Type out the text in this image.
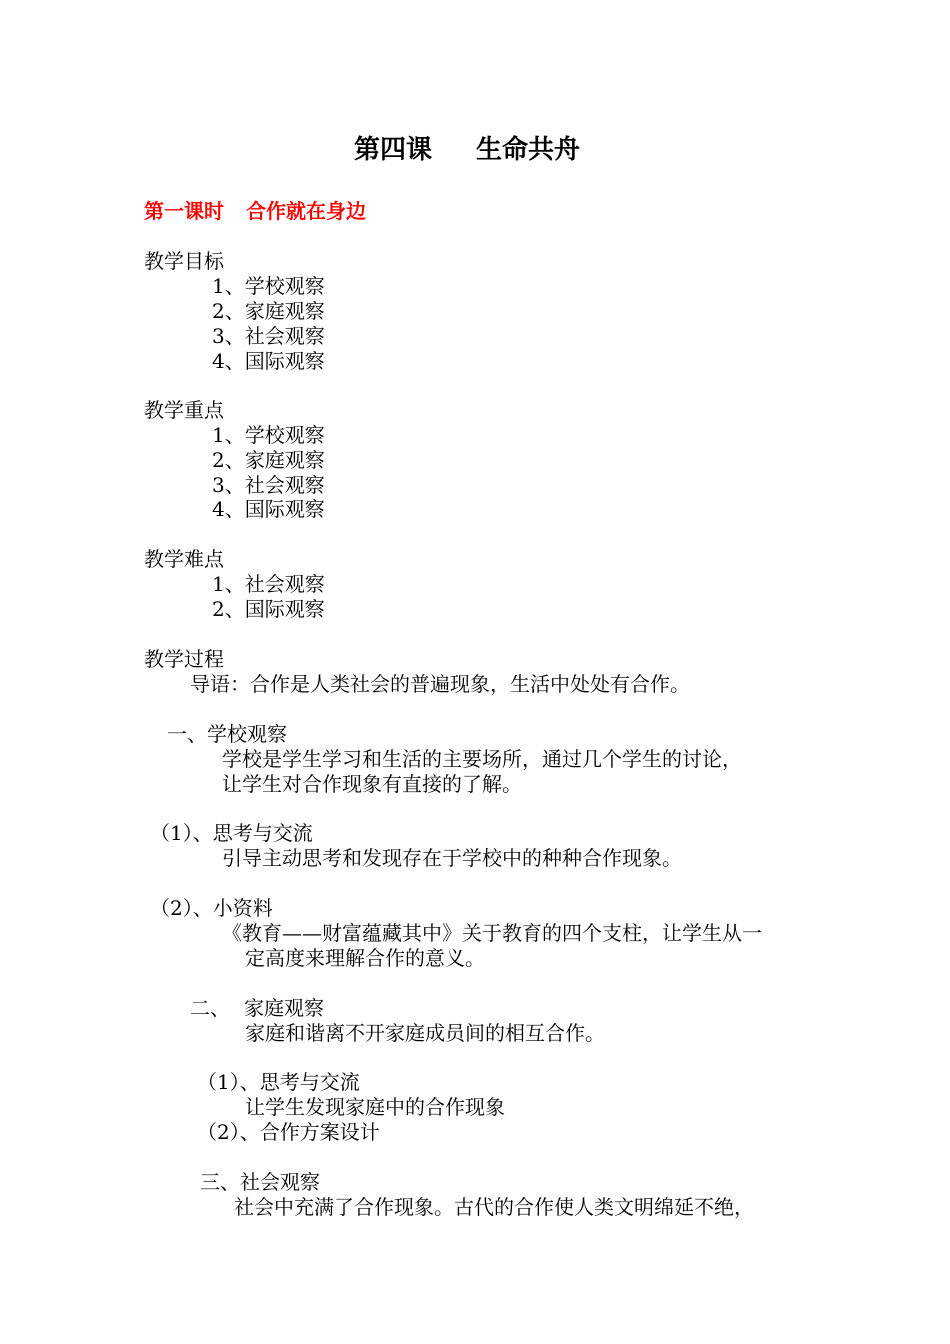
第四课 生命共舟
第一课时 合作就在身边
教学目标
1、学校观察
2、家庭观察
3、社会观察
4、国际观察
教学重点
1、学校观察
2、家庭观察
3、社会观察
4、国际观察
教学难点
1、社会观察
2、国际观察
教学过程
导语：合作是人类社会的普遍现象，生活中处处有合作。
一、学校观察
学校是学生学习和生活的主要场所，通过几个学生的讨论，
让学生对合作现象有直接的了解。
（1）、思考与交流
引导主动思考和发现存在于学校中的种种合作现象。
（2）、小资料
《教育——财富蕴藏其中》关于教育的四个支柱，让学生从一
定高度来理解合作的意义。
二、 家庭观察
家庭和谐离不开家庭成员间的相互合作。
（1）、思考与交流
让学生发现家庭中的合作现象
（2）、合作方案设计
三、社会观察
社会中充满了合作现象。古代的合作使人类文明绵延不绝，
